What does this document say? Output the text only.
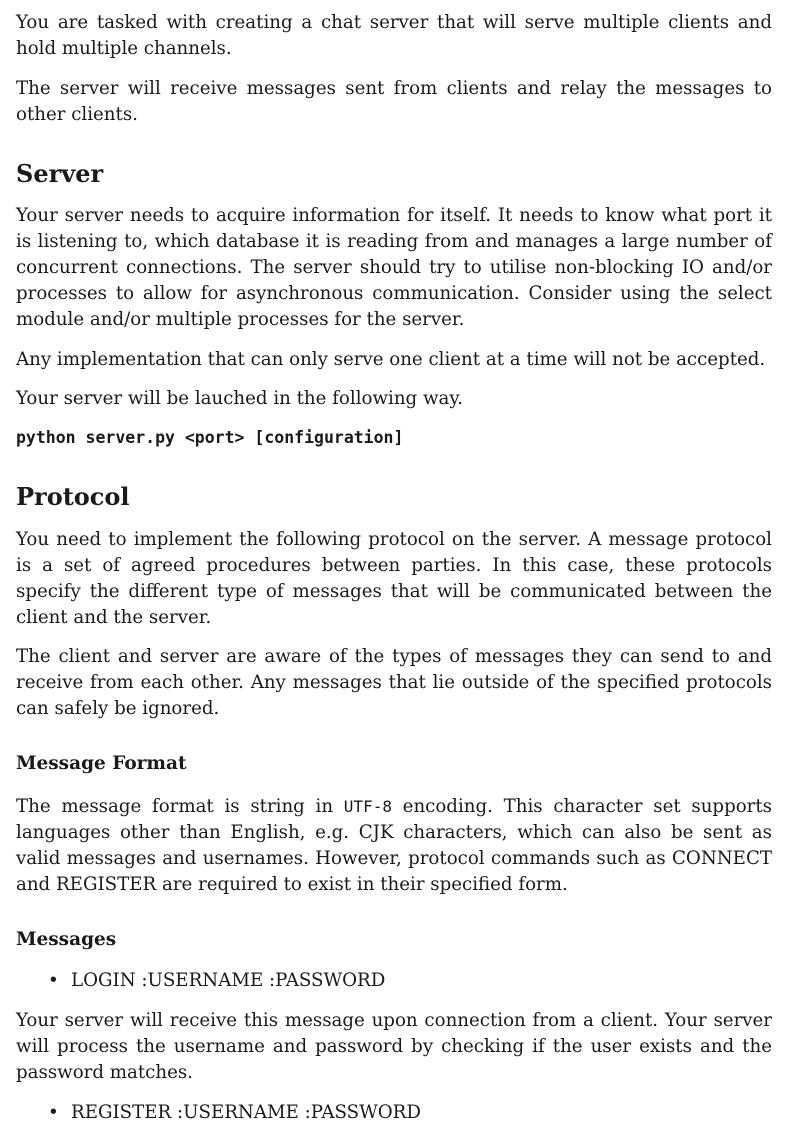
You are tasked with creating a chat server that will serve multiple clients and hold multiple channels.

The server will receive messages sent from clients and relay the messages to other clients.

Server

Your server needs to acquire information for itself. It needs to know what port it is listening to, which database it is reading from and manages a large number of concurrent connections. The server should try to utilise non-blocking IO and/or processes to allow for asynchronous communication. Consider using the select module and/or multiple processes for the server.

Any implementation that can only serve one client at a time will not be accepted.

Your server will be lauched in the following way.

python server.py <port> [configuration]
Protocol

You need to implement the following protocol on the server. A message protocol is a set of agreed procedures between parties. In this case, these protocols specify the different type of messages that will be communicated between the client and the server.

The client and server are aware of the types of messages they can send to and receive from each other. Any messages that lie outside of the specified protocols can safely be ignored.

Message Format

The message format is string in UTF-8 encoding. This character set supports languages other than English, e.g. CJK characters, which can also be sent as valid messages and usernames. However, protocol commands such as CONNECT and REGISTER are required to exist in their specified form.

Messages
• LOGIN :USERNAME :PASSWORD

Your server will receive this message upon connection from a client. Your server will process the username and password by checking if the user exists and the password matches.

• REGISTER :USERNAME :PASSWORD
